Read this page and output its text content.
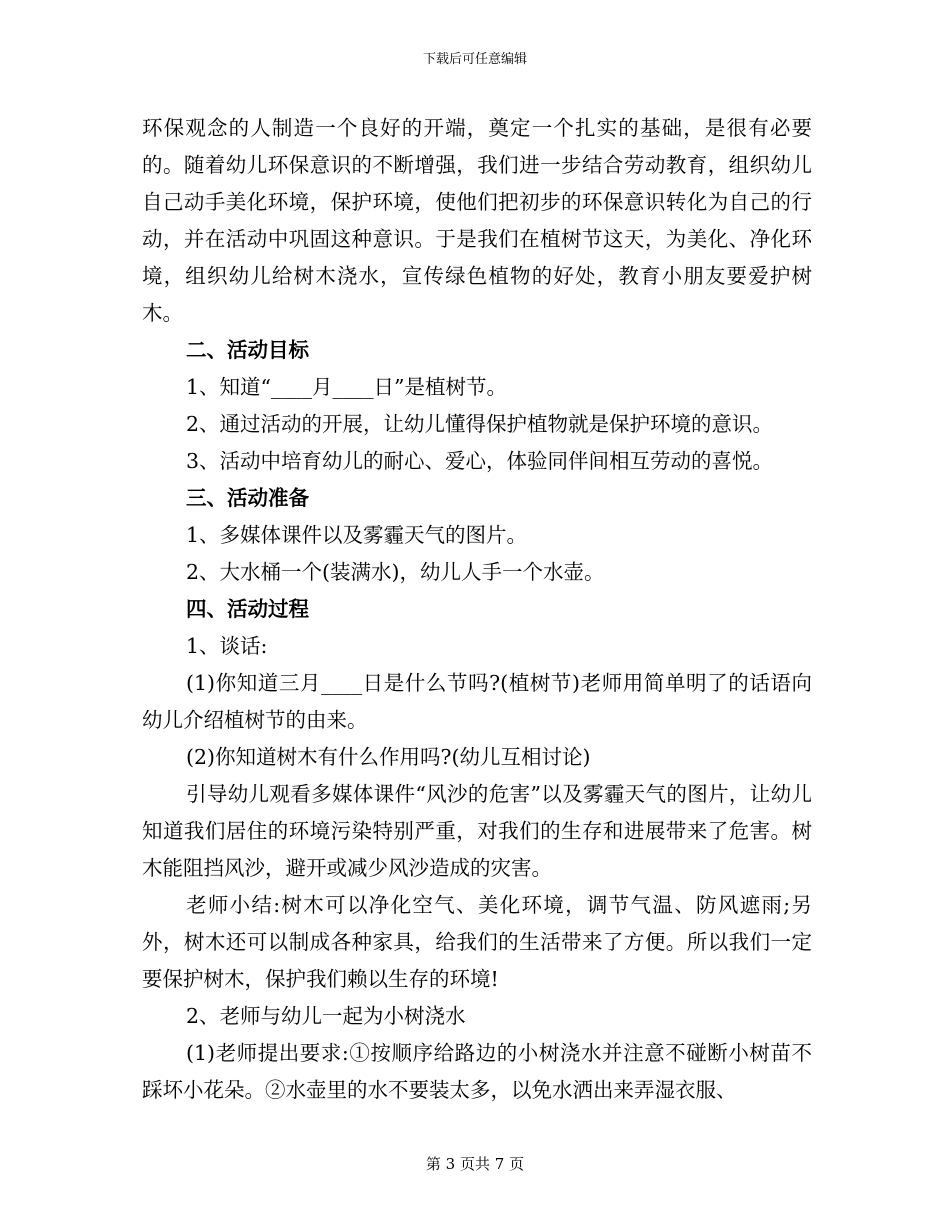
下载后可任意编辑

环保观念的人制造一个良好的开端，奠定一个扎实的基础，是很有必要的。随着幼儿环保意识的不断增强，我们进一步结合劳动教育，组织幼儿自己动手美化环境，保护环境，使他们把初步的环保意识转化为自己的行动，并在活动中巩固这种意识。于是我们在植树节这天，为美化、净化环境，组织幼儿给树木浇水，宣传绿色植物的好处，教育小朋友要爱护树木。

二、活动目标

1、知道“____月____日”是植树节。

2、通过活动的开展，让幼儿懂得保护植物就是保护环境的意识。

3、活动中培育幼儿的耐心、爱心，体验同伴间相互劳动的喜悦。

三、活动准备

1、多媒体课件以及雾霾天气的图片。

2、大水桶一个(装满水)，幼儿人手一个水壶。

四、活动过程

1、谈话:

(1)你知道三月____日是什么节吗?(植树节)老师用简单明了的话语向幼儿介绍植树节的由来。

(2)你知道树木有什么作用吗?(幼儿互相讨论)

引导幼儿观看多媒体课件“风沙的危害”以及雾霾天气的图片，让幼儿知道我们居住的环境污染特别严重，对我们的生存和进展带来了危害。树木能阻挡风沙，避开或减少风沙造成的灾害。

老师小结:树木可以净化空气、美化环境，调节气温、防风遮雨;另外，树木还可以制成各种家具，给我们的生活带来了方便。所以我们一定要保护树木，保护我们赖以生存的环境!

2、老师与幼儿一起为小树浇水

(1)老师提出要求:①按顺序给路边的小树浇水并注意不碰断小树苗不踩坏小花朵。②水壶里的水不要装太多，以免水洒出来弄湿衣服、

第 3 页共 7 页
